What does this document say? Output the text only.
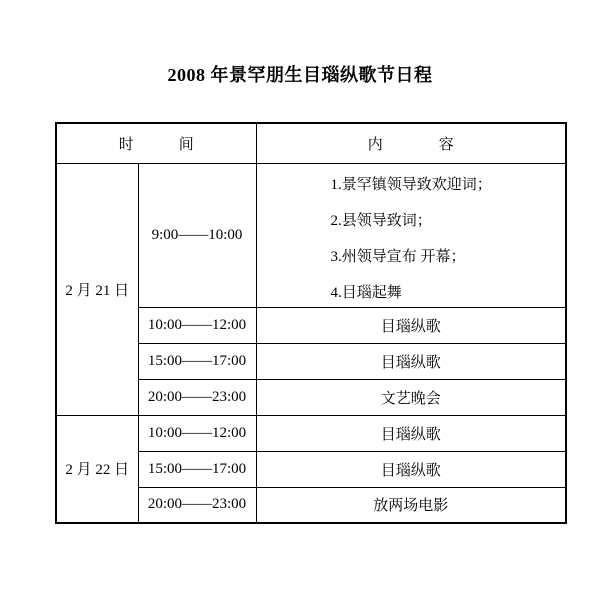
2008 年景罕朋生目瑙纵歌节日程
时 间		内 容

2 月 21 日	9:00——10:00	1.景罕镇领导致欢迎词；
2.县领导致词；
3.州领导宣布 开幕；
4.目瑙起舞

	10:00——12:00	目瑙纵歌
	15:00——17:00	目瑙纵歌
	20:00——23:00	文艺晚会
2 月 22 日	10:00——12:00	目瑙纵歌
	15:00——17:00	目瑙纵歌
	20:00——23:00	放两场电影
